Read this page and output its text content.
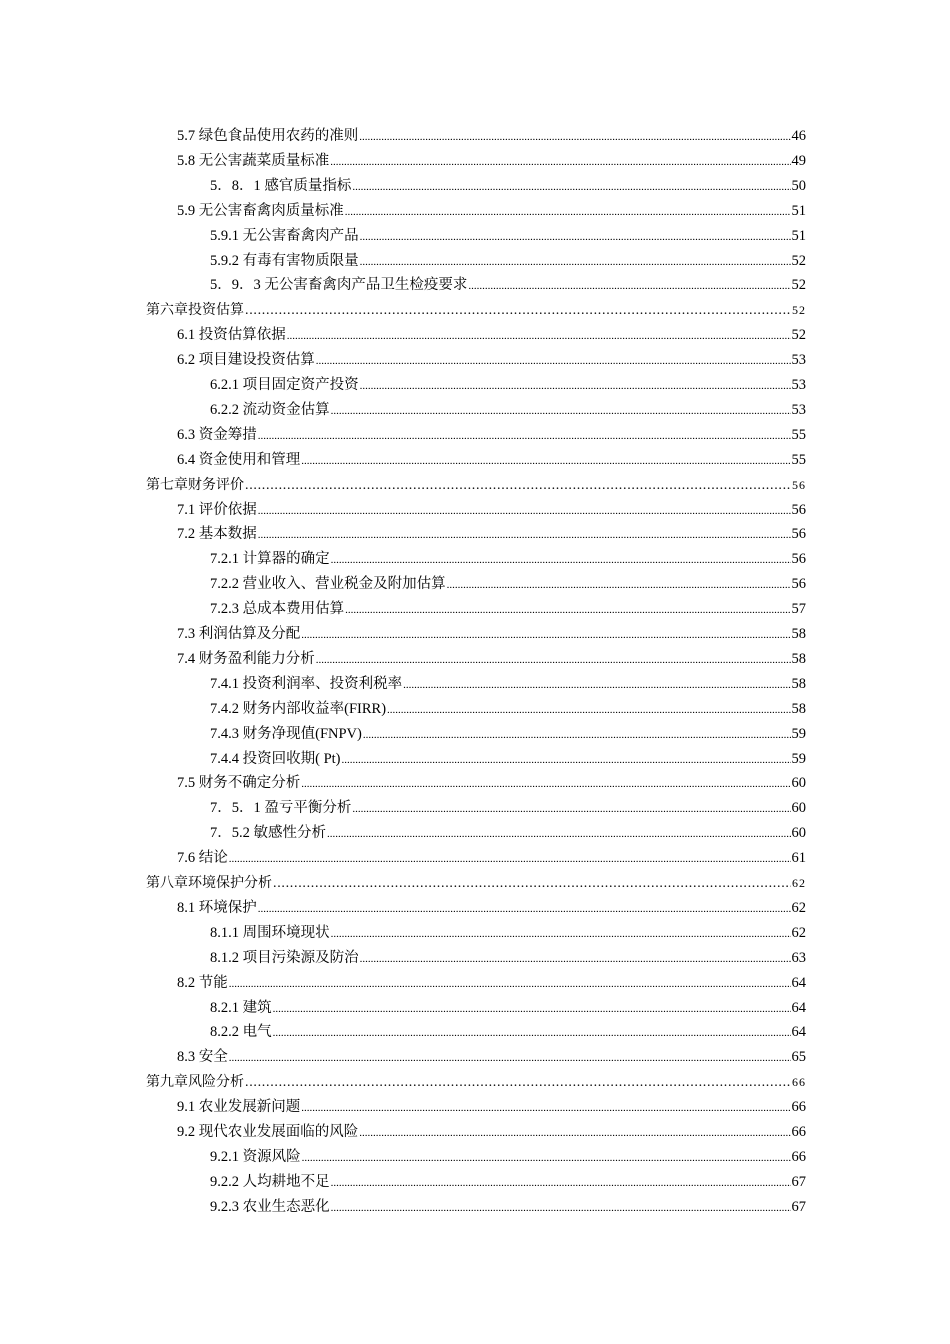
5.7 绿色食品使用农药的准则 .....	46
5.8 无公害蔬菜质量标准 .....	49
5．8．1 感官质量指标 .....	50
5.9 无公害畜禽肉质量标准 .....	51
5.9.1 无公害畜禽肉产品 .....	51
5.9.2 有毒有害物质限量 .....	52
5．9．3 无公害畜禽肉产品卫生检疫要求 .....	52
第六章投资估算 .....	52
6.1 投资估算依据 .....	52
6.2 项目建设投资估算 .....	53
6.2.1 项目固定资产投资 .....	53
6.2.2 流动资金估算 .....	53
6.3 资金筹措 .....	55
6.4 资金使用和管理 .....	55
第七章财务评价 .....	56
7.1 评价依据 .....	56
7.2 基本数据 .....	56
7.2.1 计算器的确定 .....	56
7.2.2 营业收入、营业税金及附加估算 .....	56
7.2.3 总成本费用估算 .....	57
7.3 利润估算及分配 .....	58
7.4 财务盈利能力分析 .....	58
7.4.1 投资利润率、投资利税率 .....	58
7.4.2 财务内部收益率(FIRR) .....	58
7.4.3 财务净现值(FNPV) .....	59
7.4.4 投资回收期( Pt) .....	59
7.5 财务不确定分析 .....	60
7．5．1 盈亏平衡分析 .....	60
7．5.2 敏感性分析 .....	60
7.6 结论 .....	61
第八章环境保护分析 .....	62
8.1 环境保护 .....	62
8.1.1 周围环境现状 .....	62
8.1.2 项目污染源及防治 .....	63
8.2 节能 .....	64
8.2.1 建筑 .....	64
8.2.2 电气 .....	64
8.3 安全 .....	65
第九章风险分析 .....	66
9.1 农业发展新问题 .....	66
9.2 现代农业发展面临的风险 .....	66
9.2.1 资源风险 .....	66
9.2.2 人均耕地不足 .....	67
9.2.3 农业生态恶化 .....	67
